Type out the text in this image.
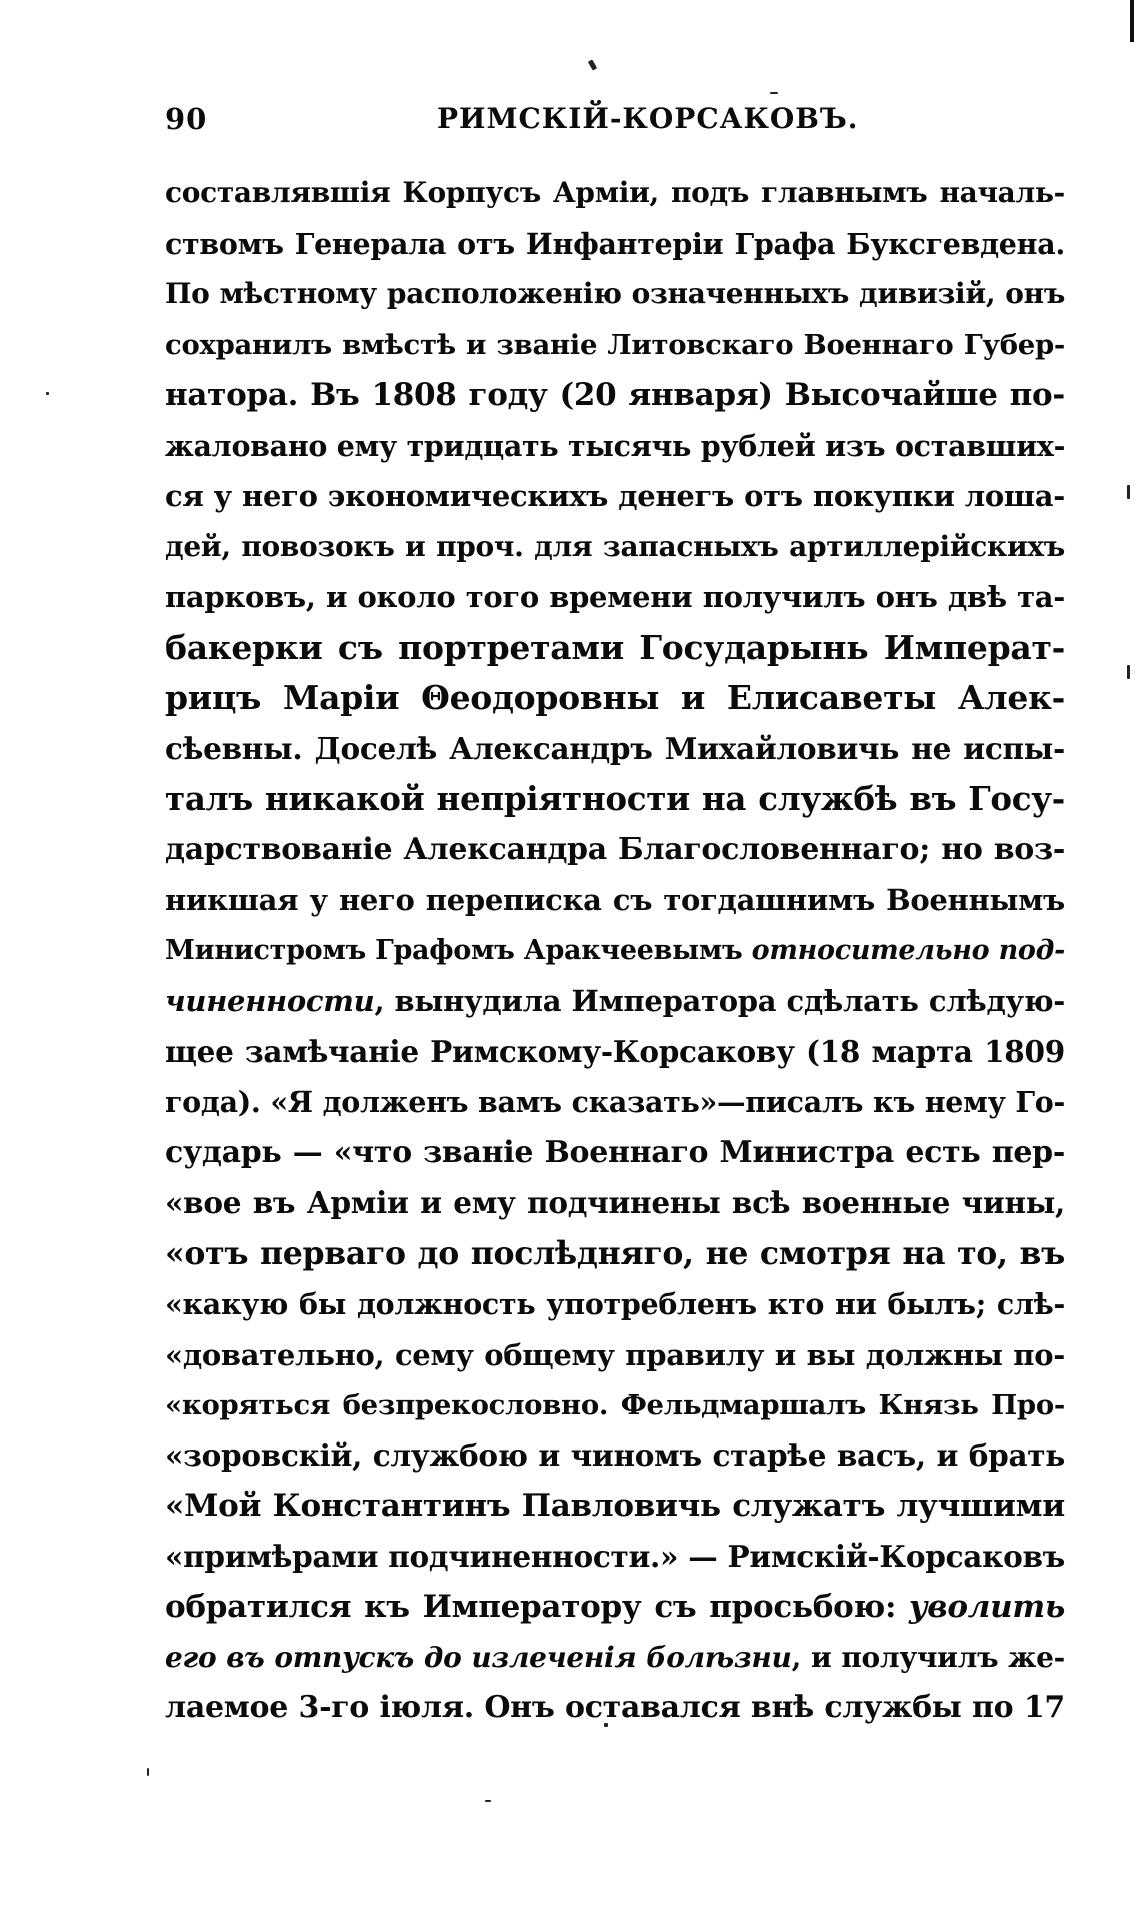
90	РИМСКІЙ-КОРСАКОВЪ.
составлявшія Корпусъ Арміи, подъ главнымъ началь-
ствомъ Генерала отъ Инфантеріи Графа Буксгевдена.
По мѣстному расположенію означенныхъ дивизій, онъ
сохранилъ вмѣстѣ и званіе Литовскаго Военнаго Губер-
натора. Въ 1808 году (20 января) Высочайше по-
жаловано ему тридцать тысячь рублей изъ оставших-
ся у него экономическихъ денегъ отъ покупки лоша-
дей, повозокъ и проч. для запасныхъ артиллерійскихъ
парковъ, и около того времени получилъ онъ двѣ та-
бакерки съ портретами Государынь Императ-
рицъ Маріи Θеодоровны и Елисаветы Алек-
сѣевны. Доселѣ Александръ Михайловичь не испы-
талъ никакой непріятности на службѣ въ Госу-
дарствованіе Александра Благословеннаго; но воз-
никшая у него переписка съ тогдашнимъ Военнымъ
Министромъ Графомъ Аракчеевымъ относительно под-
чиненности, вынудила Императора сдѣлать слѣдую-
щее замѣчаніе Римскому-Корсакову (18 марта 1809
года). «Я долженъ вамъ сказать»—писалъ къ нему Го-
сударь — «что званіе Военнаго Министра есть пер-
«вое въ Арміи и ему подчинены всѣ военные чины,
«отъ перваго до послѣдняго, не смотря на то, въ
«какую бы должность употребленъ кто ни былъ; слѣ-
«довательно, сему общему правилу и вы должны по-
«коряться безпрекословно. Фельдмаршалъ Князь Про-
«зоровскій, службою и чиномъ старѣе васъ, и брать
«Мой Константинъ Павловичь служатъ лучшими
«примѣрами подчиненности.» — Римскій-Корсаковъ
обратился къ Императору съ просьбою: уволить
его въ отпускъ до излеченія болѣзни, и получилъ же-
лаемое 3-го іюля. Онъ оставался внѣ службы по 17
